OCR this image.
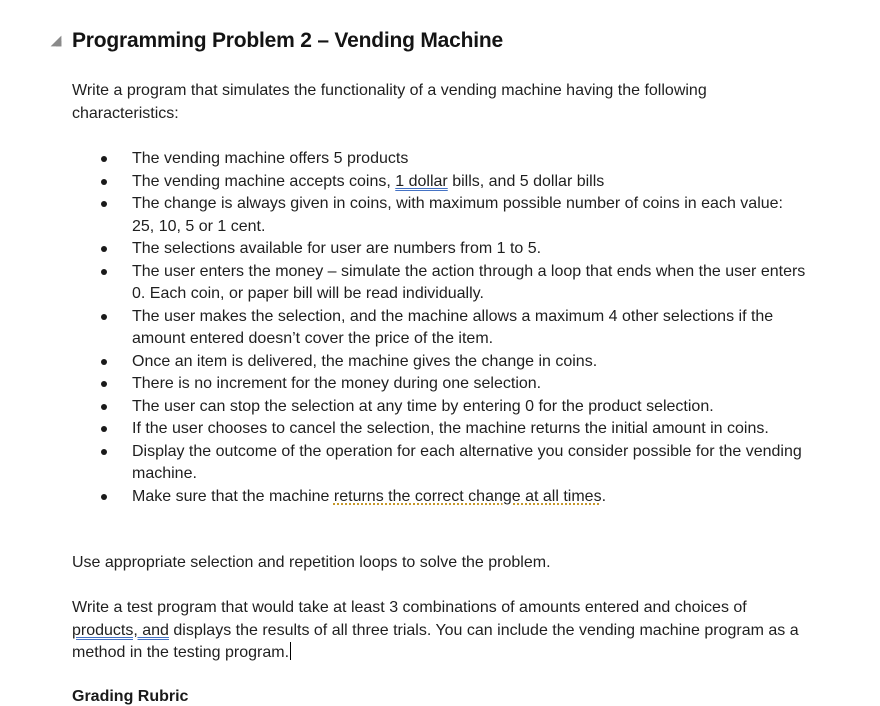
Programming Problem 2 – Vending Machine

Write a program that simulates the functionality of a vending machine having the following characteristics:

The vending machine offers 5 products
The vending machine accepts coins, 1 dollar bills, and 5 dollar bills
The change is always given in coins, with maximum possible number of coins in each value: 25, 10, 5 or 1 cent.
The selections available for user are numbers from 1 to 5.
The user enters the money – simulate the action through a loop that ends when the user enters 0. Each coin, or paper bill will be read individually.
The user makes the selection, and the machine allows a maximum 4 other selections if the amount entered doesn’t cover the price of the item.
Once an item is delivered, the machine gives the change in coins.
There is no increment for the money during one selection.
The user can stop the selection at any time by entering 0 for the product selection.
If the user chooses to cancel the selection, the machine returns the initial amount in coins.
Display the outcome of the operation for each alternative you consider possible for the vending machine.
Make sure that the machine returns the correct change at all times.

Use appropriate selection and repetition loops to solve the problem.

Write a test program that would take at least 3 combinations of amounts entered and choices of products, and displays the results of all three trials. You can include the vending machine program as a method in the testing program.

Grading Rubric
